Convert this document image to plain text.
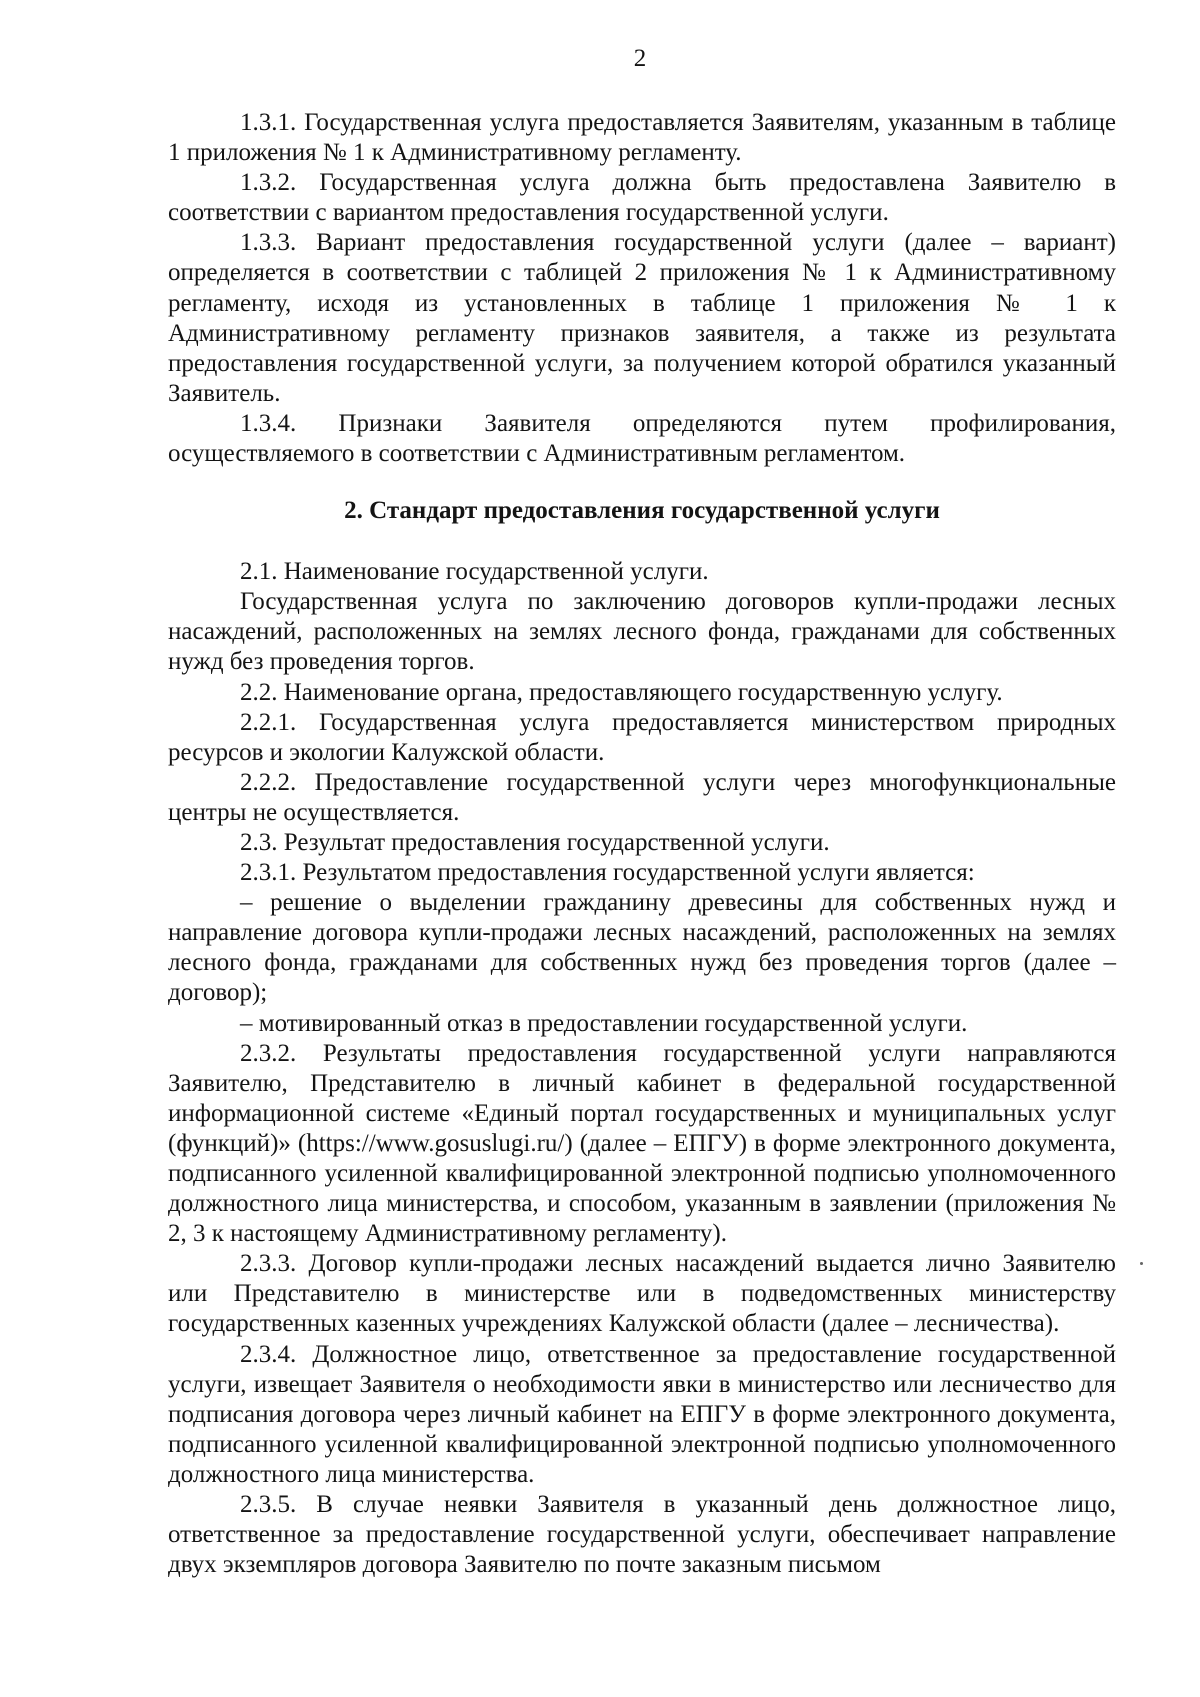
2

1.3.1. Государственная услуга предоставляется Заявителям, указанным в таблице 1 приложения № 1 к Административному регламенту.

1.3.2. Государственная услуга должна быть предоставлена Заявителю в соответствии с вариантом предоставления государственной услуги.

1.3.3. Вариант предоставления государственной услуги (далее – вариант) определяется в соответствии с таблицей 2 приложения № 1 к Административному регламенту, исходя из установленных в таблице 1 приложения № 1 к Административному регламенту признаков заявителя, а также из результата предоставления государственной услуги, за получением которой обратился указанный Заявитель.

1.3.4. Признаки Заявителя определяются путем профилирования, осуществляемого в соответствии с Административным регламентом.

2. Стандарт предоставления государственной услуги

2.1. Наименование государственной услуги.

Государственная услуга по заключению договоров купли-продажи лесных насаждений, расположенных на землях лесного фонда, гражданами для собственных нужд без проведения торгов.

2.2. Наименование органа, предоставляющего государственную услугу.

2.2.1. Государственная услуга предоставляется министерством природных ресурсов и экологии Калужской области.

2.2.2. Предоставление государственной услуги через многофункциональные центры не осуществляется.

2.3. Результат предоставления государственной услуги.

2.3.1. Результатом предоставления государственной услуги является:

– решение о выделении гражданину древесины для собственных нужд и направление договора купли-продажи лесных насаждений, расположенных на землях лесного фонда, гражданами для собственных нужд без проведения торгов (далее – договор);

– мотивированный отказ в предоставлении государственной услуги.

2.3.2. Результаты предоставления государственной услуги направляются Заявителю, Представителю в личный кабинет в федеральной государственной информационной системе «Единый портал государственных и муниципальных услуг (функций)» (https://www.gosuslugi.ru/) (далее – ЕПГУ) в форме электронного документа, подписанного усиленной квалифицированной электронной подписью уполномоченного должностного лица министерства, и способом, указанным в заявлении (приложения № 2, 3 к настоящему Административному регламенту).

2.3.3. Договор купли-продажи лесных насаждений выдается лично Заявителю или Представителю в министерстве или в подведомственных министерству государственных казенных учреждениях Калужской области (далее – лесничества).

2.3.4. Должностное лицо, ответственное за предоставление государственной услуги, извещает Заявителя о необходимости явки в министерство или лесничество для подписания договора через личный кабинет на ЕПГУ в форме электронного документа, подписанного усиленной квалифицированной электронной подписью уполномоченного должностного лица министерства.

2.3.5. В случае неявки Заявителя в указанный день должностное лицо, ответственное за предоставление государственной услуги, обеспечивает направление двух экземпляров договора Заявителю по почте заказным письмом
